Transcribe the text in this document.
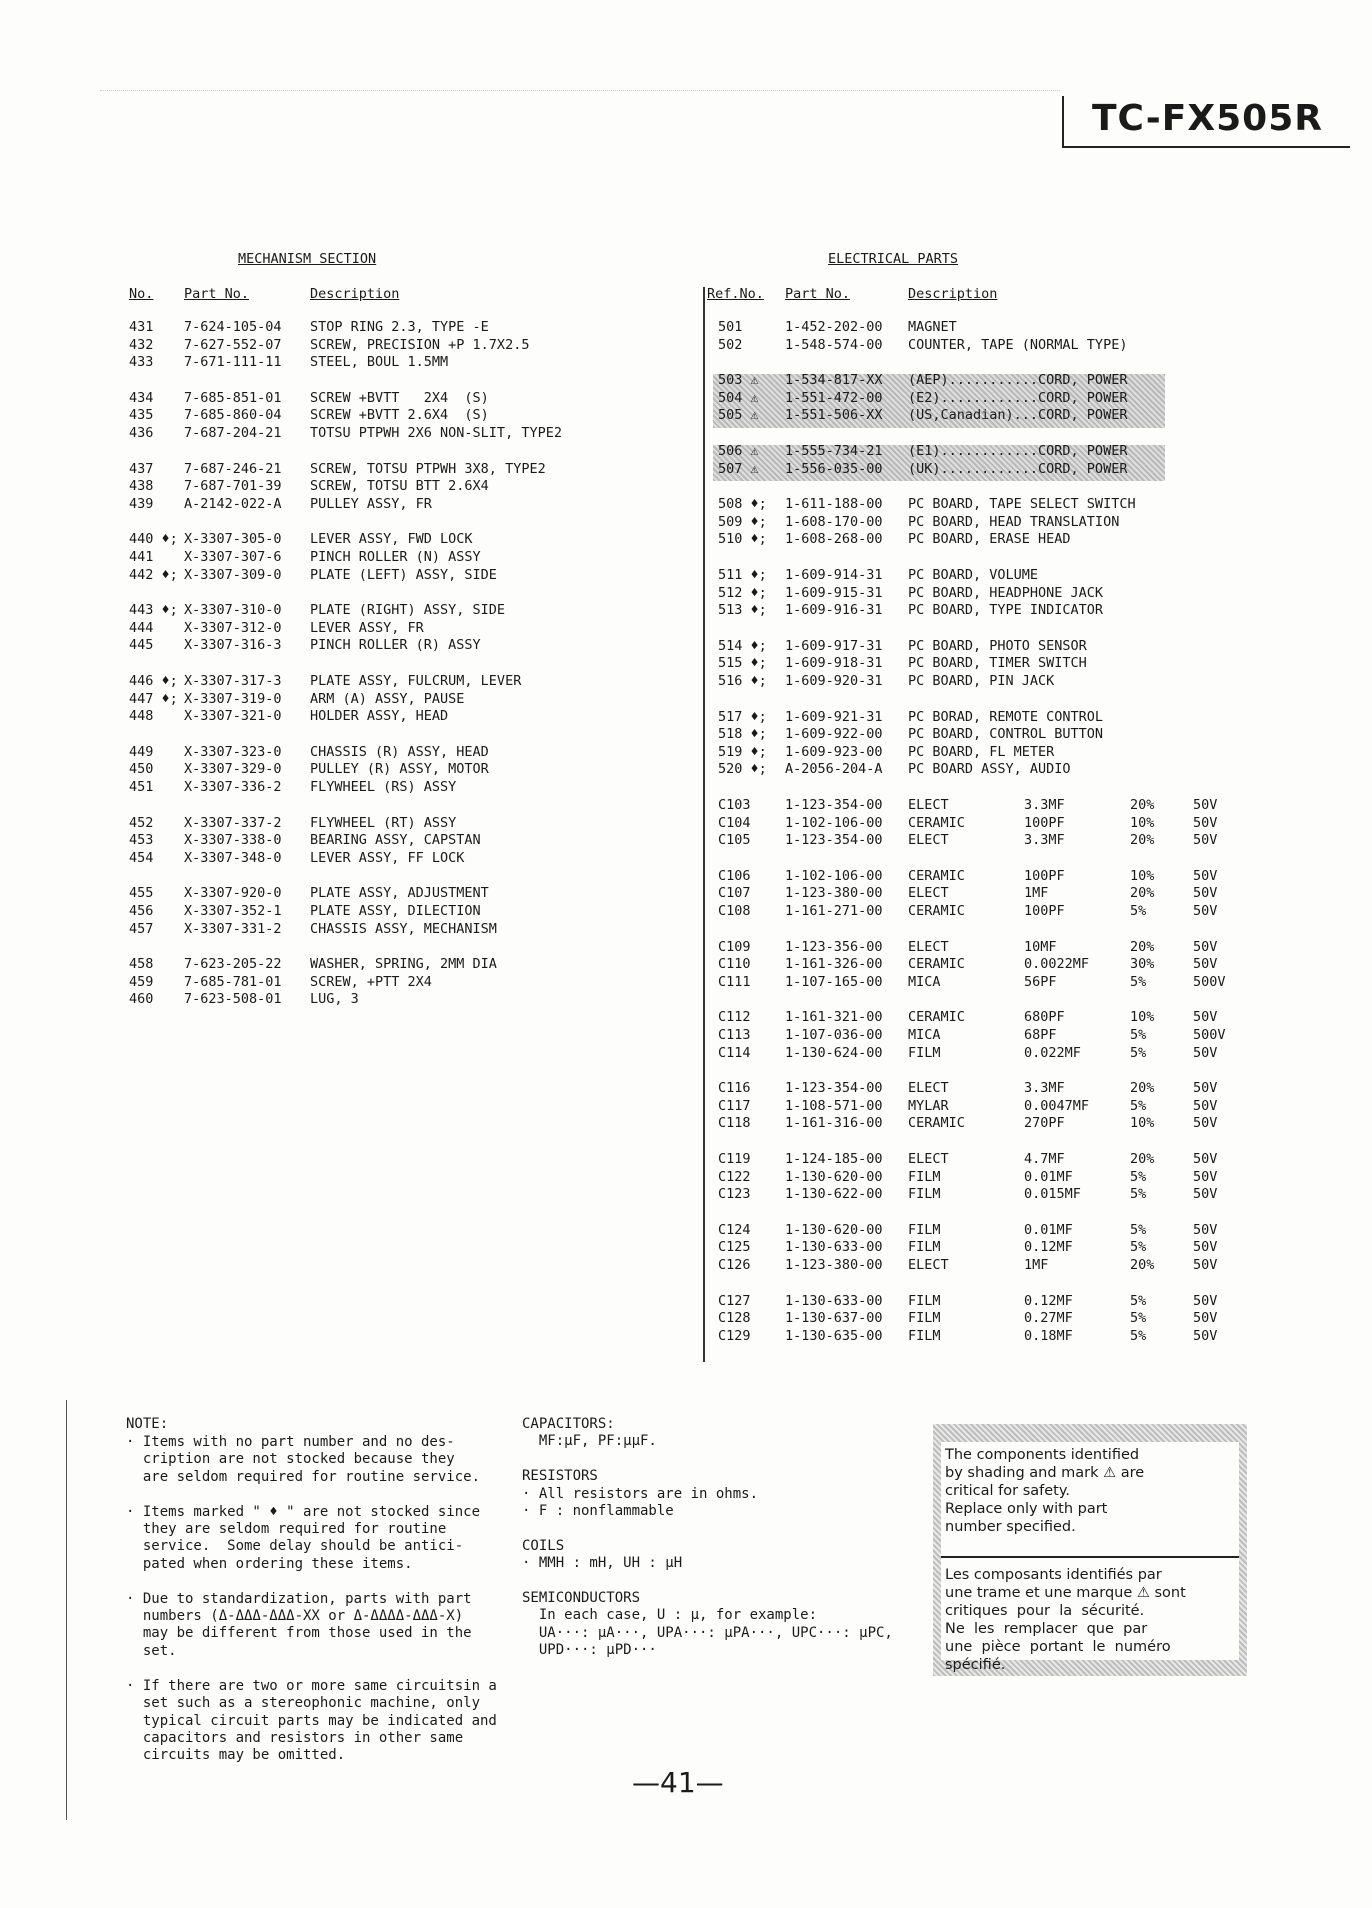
TC-FX505R
MECHANISM SECTION
No. Part No.	Description
431 7-624-105-04 STOP RING 2.3, TYPE -E
432 7-627-552-07 SCREW, PRECISION +P 1.7X2.5
433 7-671-111-11 STEEL, BOUL 1.5MM
434 7-685-851-01 SCREW +BVTT   2X4  (S)
435 7-685-860-04 SCREW +BVTT 2.6X4  (S)
436 7-687-204-21 TOTSU PTPWH 2X6 NON-SLIT, TYPE2
437 7-687-246-21 SCREW, TOTSU PTPWH 3X8, TYPE2
438 7-687-701-39 SCREW, TOTSU BTT 2.6X4
439 A-2142-022-A PULLEY ASSY, FR
440 ♦; X-3307-305-0 LEVER ASSY, FWD LOCK
441 X-3307-307-6 PINCH ROLLER (N) ASSY
442 ♦; X-3307-309-0 PLATE (LEFT) ASSY, SIDE
443 ♦; X-3307-310-0 PLATE (RIGHT) ASSY, SIDE
444 X-3307-312-0 LEVER ASSY, FR
445 X-3307-316-3 PINCH ROLLER (R) ASSY
446 ♦; X-3307-317-3 PLATE ASSY, FULCRUM, LEVER
447 ♦; X-3307-319-0 ARM (A) ASSY, PAUSE
448 X-3307-321-0 HOLDER ASSY, HEAD
449 X-3307-323-0 CHASSIS (R) ASSY, HEAD
450 X-3307-329-0 PULLEY (R) ASSY, MOTOR
451 X-3307-336-2 FLYWHEEL (RS) ASSY
452 X-3307-337-2 FLYWHEEL (RT) ASSY
453 X-3307-338-0 BEARING ASSY, CAPSTAN
454 X-3307-348-0 LEVER ASSY, FF LOCK
455 X-3307-920-0 PLATE ASSY, ADJUSTMENT
456 X-3307-352-1 PLATE ASSY, DILECTION
457 X-3307-331-2 CHASSIS ASSY, MECHANISM
458 7-623-205-22 WASHER, SPRING, 2MM DIA
459 7-685-781-01 SCREW, +PTT 2X4
460 7-623-508-01 LUG, 3
ELECTRICAL PARTS
Ref.No. Part No.	Description
501	1-452-202-00 MAGNET
502	1-548-574-00 COUNTER, TAPE (NORMAL TYPE)
503 ⚠ 1-534-817-XX (AEP)...........CORD, POWER
504 ⚠ 1-551-472-00 (E2)............CORD, POWER
505 ⚠ 1-551-506-XX (US,Canadian)...CORD, POWER
506 ⚠ 1-555-734-21 (E1)............CORD, POWER
507 ⚠ 1-556-035-00 (UK)............CORD, POWER
508 ♦; 1-611-188-00 PC BOARD, TAPE SELECT SWITCH
509 ♦; 1-608-170-00 PC BOARD, HEAD TRANSLATION
510 ♦; 1-608-268-00 PC BOARD, ERASE HEAD
511 ♦; 1-609-914-31 PC BOARD, VOLUME
512 ♦; 1-609-915-31 PC BOARD, HEADPHONE JACK
513 ♦; 1-609-916-31 PC BOARD, TYPE INDICATOR
514 ♦; 1-609-917-31 PC BOARD, PHOTO SENSOR
515 ♦; 1-609-918-31 PC BOARD, TIMER SWITCH
516 ♦; 1-609-920-31 PC BOARD, PIN JACK
517 ♦; 1-609-921-31 PC BORAD, REMOTE CONTROL
518 ♦; 1-609-922-00 PC BOARD, CONTROL BUTTON
519 ♦; 1-609-923-00 PC BOARD, FL METER
520 ♦; A-2056-204-A PC BOARD ASSY, AUDIO
C103	1-123-354-00 ELECT	3.3MF	20%	50V
C104	1-102-106-00 CERAMIC	100PF	10%	50V
C105	1-123-354-00 ELECT	3.3MF	20%	50V
C106	1-102-106-00 CERAMIC	100PF	10%	50V
C107	1-123-380-00 ELECT	1MF	20%	50V
C108	1-161-271-00 CERAMIC	100PF	5%	50V
C109	1-123-356-00 ELECT	10MF	20%	50V
C110	1-161-326-00 CERAMIC	0.0022MF	30%	50V
C111	1-107-165-00 MICA	56PF	5%	500V
C112	1-161-321-00 CERAMIC	680PF	10%	50V
C113	1-107-036-00 MICA	68PF	5%	500V
C114	1-130-624-00 FILM	0.022MF	5%	50V
C116	1-123-354-00 ELECT	3.3MF	20%	50V
C117	1-108-571-00 MYLAR	0.0047MF	5%	50V
C118	1-161-316-00 CERAMIC	270PF	10%	50V
C119	1-124-185-00 ELECT	4.7MF	20%	50V
C122	1-130-620-00 FILM	0.01MF	5%	50V
C123	1-130-622-00 FILM	0.015MF	5%	50V
C124	1-130-620-00 FILM	0.01MF	5%	50V
C125	1-130-633-00 FILM	0.12MF	5%	50V
C126	1-123-380-00 ELECT	1MF	20%	50V
C127	1-130-633-00 FILM	0.12MF	5%	50V
C128	1-130-637-00 FILM	0.27MF	5%	50V
C129	1-130-635-00 FILM	0.18MF	5%	50V
NOTE:
· Items with no part number and no des-
cription are not stocked because they
are seldom required for routine service.

· Items marked " ♦ " are not stocked since
they are seldom required for routine
service.  Some delay should be antici-
pated when ordering these items.

· Due to standardization, parts with part
numbers (Δ-ΔΔΔ-ΔΔΔ-XX or Δ-ΔΔΔΔ-ΔΔΔ-X)
may be different from those used in the
set.

· If there are two or more same circuitsin a
set such as a stereophonic machine, only
typical circuit parts may be indicated and
capacitors and resistors in other same
circuits may be omitted.
CAPACITORS:
MF:μF, PF:μμF.

RESISTORS
· All resistors are in ohms.
· F : nonflammable

COILS
· MMH : mH, UH : μH

SEMICONDUCTORS
In each case, U : μ, for example:
UA···: μA···, UPA···: μPA···, UPC···: μPC,
UPD···: μPD···
The components identified
by shading and mark ⚠ are
critical for safety.
Replace only with part
number specified.
Les composants identifiés par
une trame et une marque ⚠ sont
critiques  pour  la  sécurité.
Ne  les  remplacer  que  par
une  pièce  portant  le  numéro
spécifié.
—41—
